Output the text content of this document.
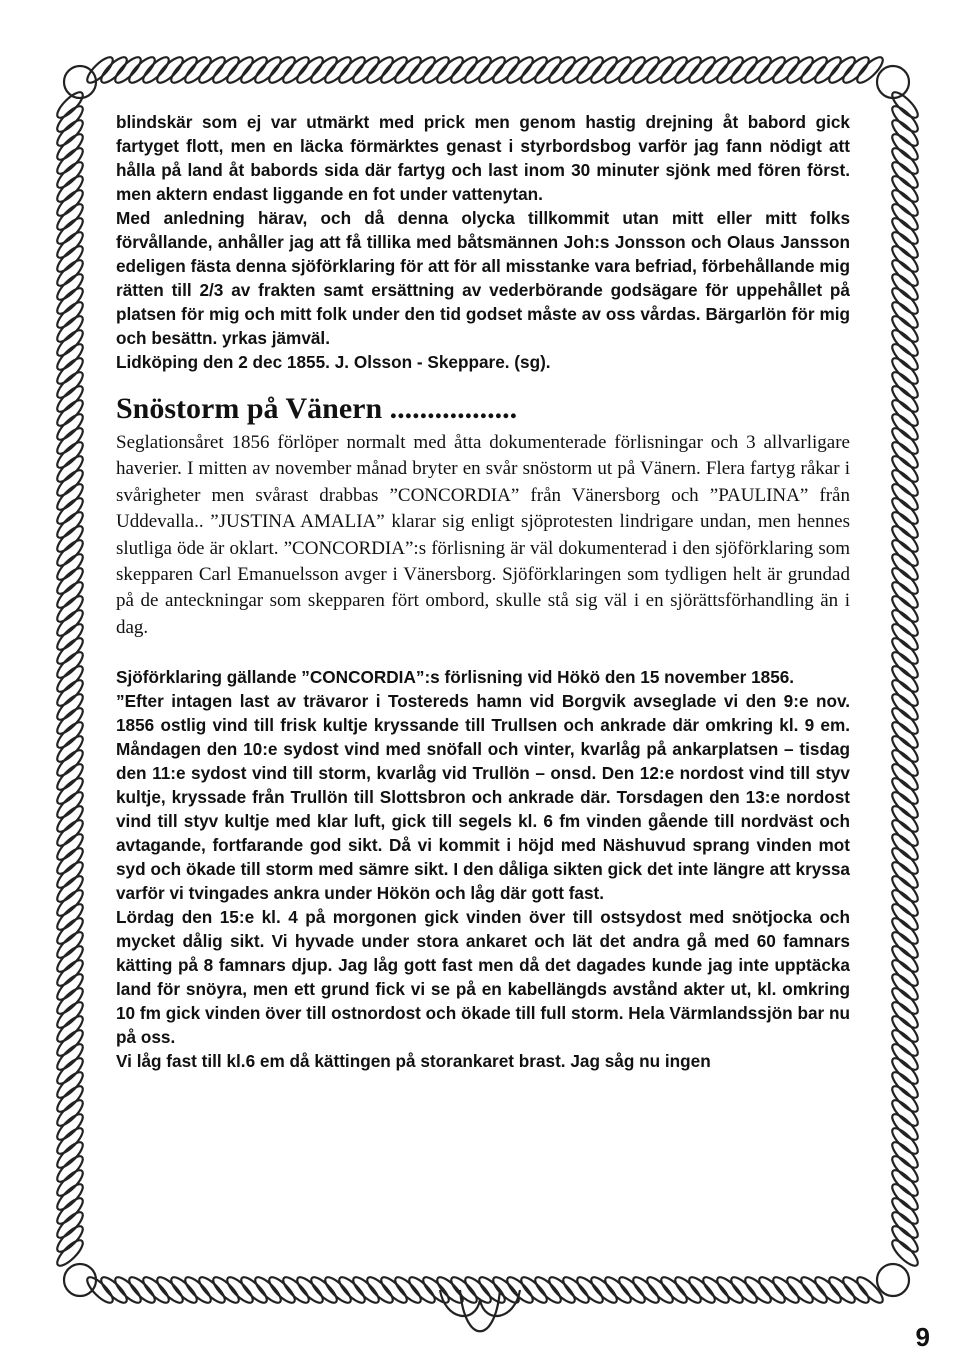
blindskär som ej var utmärkt med prick men genom hastig drejning åt babord gick fartyget flott, men en läcka förmärktes genast i styrbordsbog varför jag fann nödigt att hålla på land åt babords sida där fartyg och last inom 30 minuter sjönk med fören först. men aktern endast liggande en fot under vattenytan.

Med anledning härav, och då denna olycka tillkommit utan mitt eller mitt folks förvållande, anhåller jag att få tillika med båtsmännen Joh:s Jonsson och Olaus Jansson edeligen fästa denna sjöförklaring för att för all misstanke vara befriad, förbehållande mig rätten till 2/3 av frakten samt ersättning av vederbörande godsägare för uppehållet på platsen för mig och mitt folk under den tid godset måste av oss vårdas. Bärgarlön för mig och besättn. yrkas jämväl.

Lidköping den 2 dec 1855. J. Olsson - Skeppare. (sg).

Snöstorm på Vänern .................

Seglationsåret 1856 förlöper normalt med åtta dokumenterade förlisningar och 3 allvarligare haverier. I mitten av november månad bryter en svår snöstorm ut på Vänern. Flera fartyg råkar i svårigheter men svårast drabbas ”CONCORDIA” från Vänersborg och ”PAULINA” från Uddevalla.. ”JUSTINA AMALIA” klarar sig enligt sjöprotesten lindrigare undan, men hennes slutliga öde är oklart. ”CONCORDIA”:s förlisning är väl dokumenterad i den sjöförklaring som skepparen Carl Emanuelsson avger i Vänersborg. Sjöförklaringen som tydligen helt är grundad på de anteckningar som skepparen fört ombord, skulle stå sig väl i en sjörättsförhandling än i dag.

Sjöförklaring gällande ”CONCORDIA”:s förlisning vid Hökö den 15 november 1856.

”Efter intagen last av trävaror i Tostereds hamn vid Borgvik avseglade vi den 9:e nov. 1856 ostlig vind till frisk kultje kryssande till Trullsen och ankrade där omkring kl. 9 em. Måndagen den 10:e sydost vind med snöfall och vinter, kvarlåg på ankarplatsen – tisdag den 11:e sydost vind till storm, kvarlåg vid Trullön – onsd. Den 12:e nordost vind till styv kultje, kryssade från Trullön till Slottsbron och ankrade där. Torsdagen den 13:e nordost vind till styv kultje med klar luft, gick till segels kl. 6 fm vinden gående till nordväst och avtagande, fortfarande god sikt. Då vi kommit i höjd med Näshuvud sprang vinden mot syd och ökade till storm med sämre sikt. I den dåliga sikten gick det inte längre att kryssa varför vi tvingades ankra under Hökön och låg där gott fast.

Lördag den 15:e kl. 4 på morgonen gick vinden över till ostsydost med snötjocka och mycket dålig sikt. Vi hyvade under stora ankaret och lät det andra gå med 60 famnars kätting på 8 famnars djup. Jag låg gott fast men då det dagades kunde jag inte upptäcka land för snöyra, men ett grund fick vi se på en kabellängds avstånd akter ut, kl. omkring 10 fm gick vinden över till ostnordost och ökade till full storm. Hela Värmlandssjön bar nu på oss.

Vi låg fast till kl.6 em då kättingen på storankaret brast. Jag såg nu ingen

9
